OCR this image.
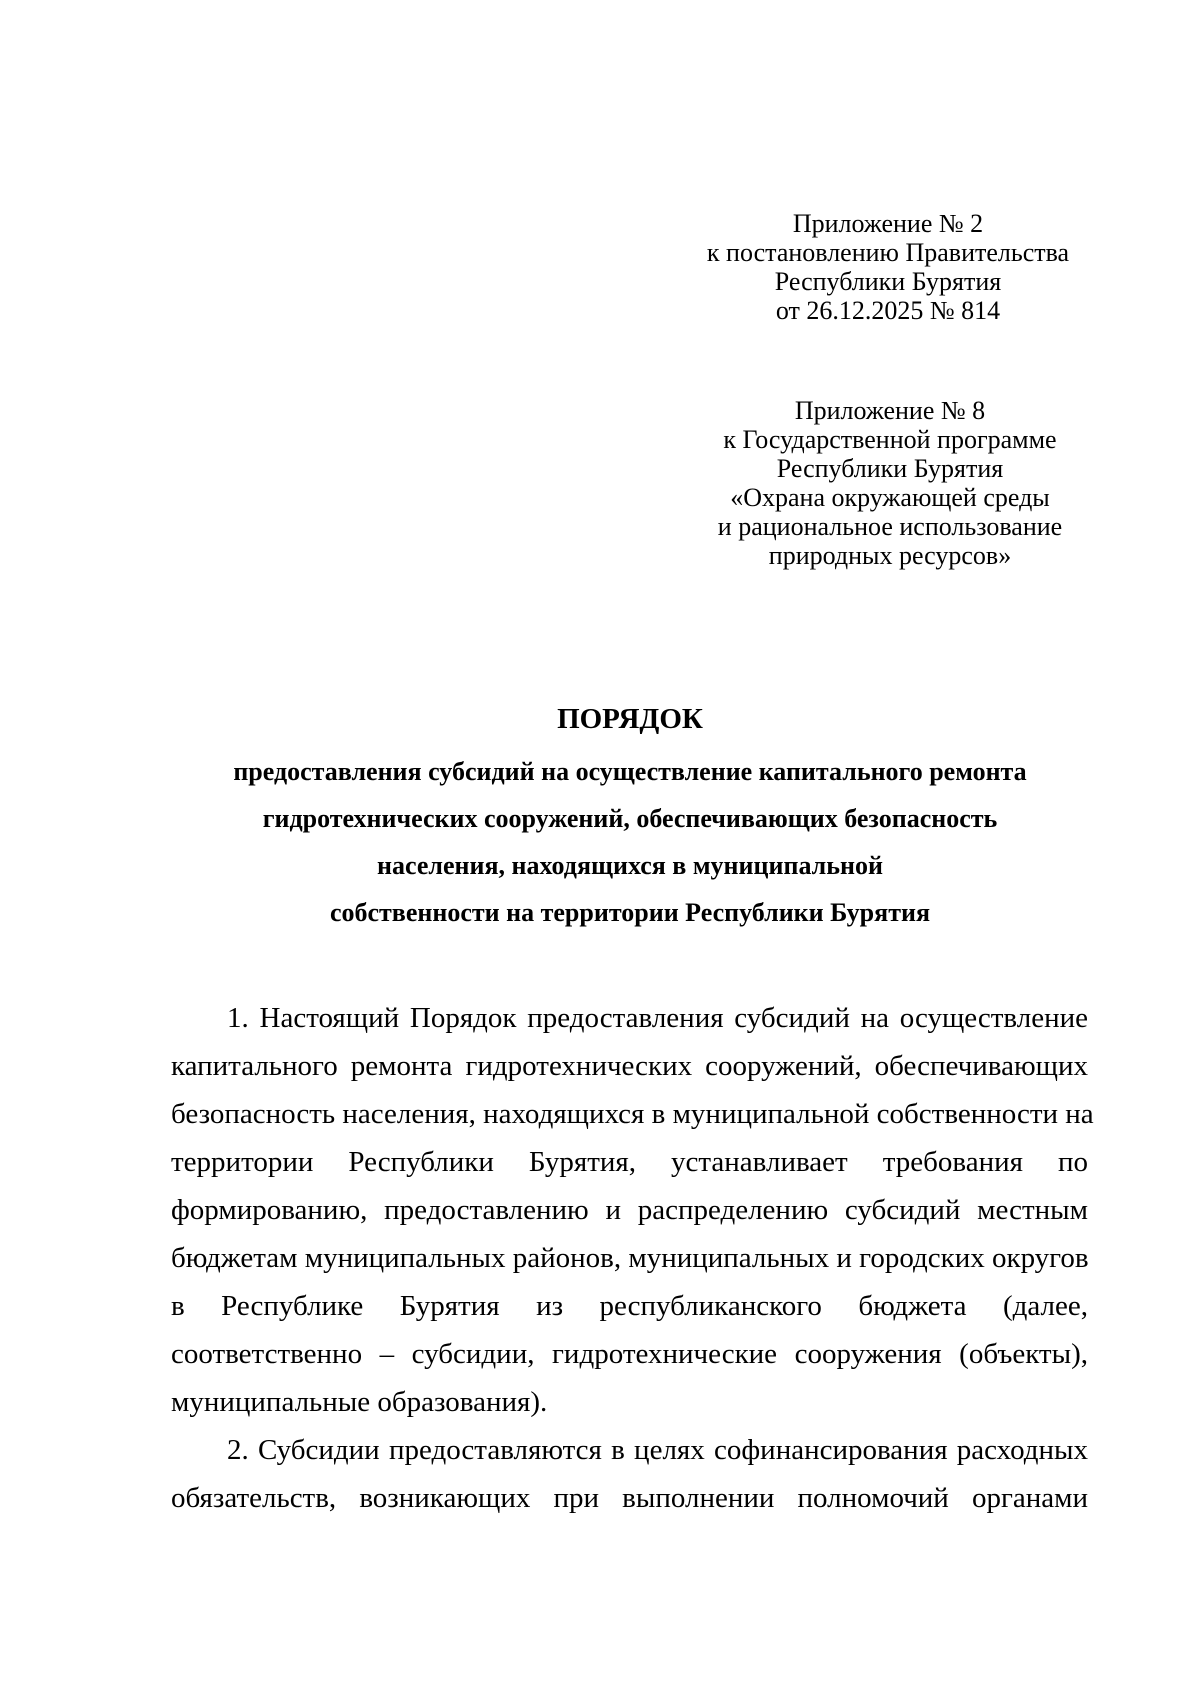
Приложение № 2
к постановлению Правительства
Республики Бурятия
от 26.12.2025 № 814
Приложение № 8
к Государственной программе
Республики Бурятия
«Охрана окружающей среды
и рациональное использование
природных ресурсов»
ПОРЯДОК
предоставления субсидий на осуществление капитального ремонта
гидротехнических сооружений, обеспечивающих безопасность
населения, находящихся в муниципальной
собственности на территории Республики Бурятия
1. Настоящий Порядок предоставления субсидий на осуществление
капитального ремонта гидротехнических сооружений, обеспечивающих
безопасность населения, находящихся в муниципальной собственности на
территории Республики Бурятия, устанавливает требования по
формированию, предоставлению и распределению субсидий местным
бюджетам муниципальных районов, муниципальных и городских округов
в Республике Бурятия из республиканского бюджета (далее,
соответственно – субсидии, гидротехнические сооружения (объекты),
муниципальные образования).
2. Субсидии предоставляются в целях софинансирования расходных
обязательств, возникающих при выполнении полномочий органами
